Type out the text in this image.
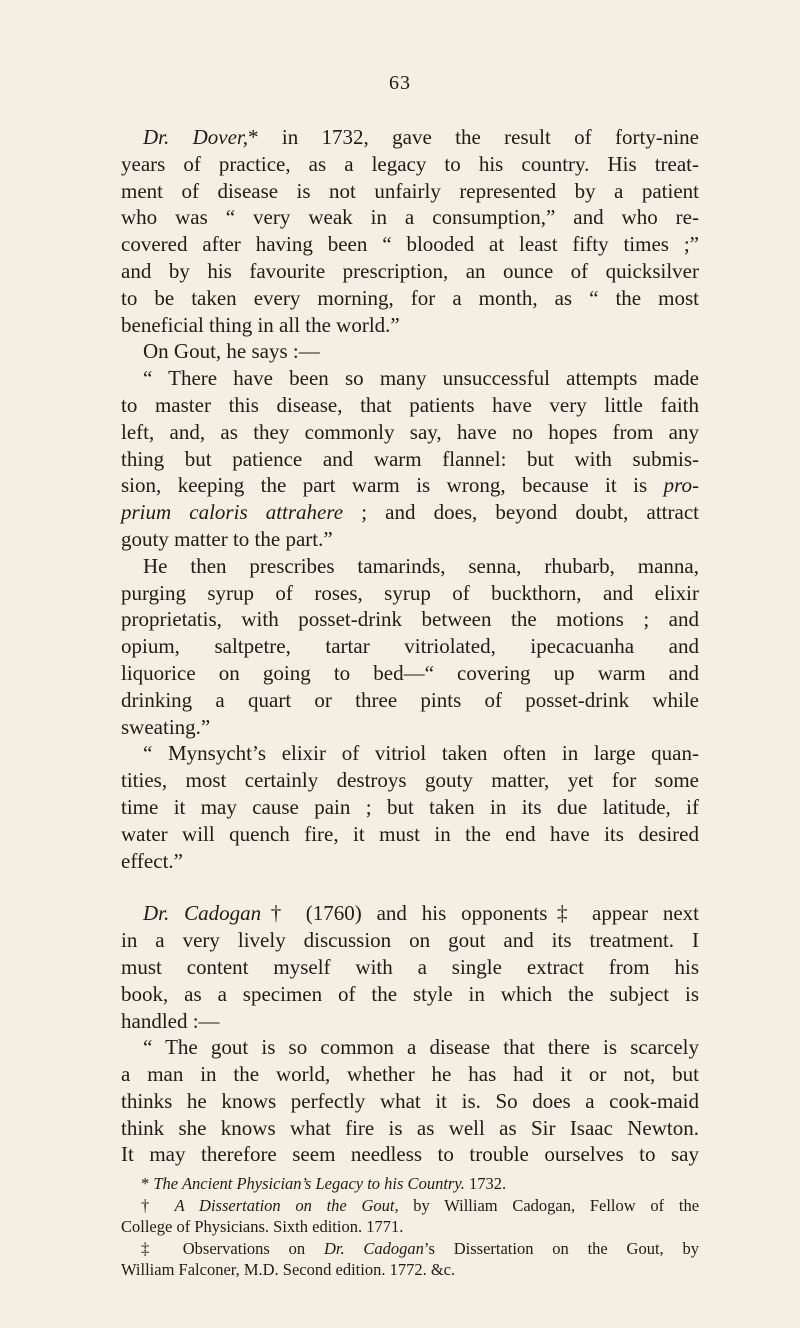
63
Dr. Dover,* in 1732, gave the result of forty-nine
years of practice, as a legacy to his country. His treat-
ment of disease is not unfairly represented by a patient
who was “ very weak in a consumption,” and who re-
covered after having been “ blooded at least fifty times ;”
and by his favourite prescription, an ounce of quicksilver
to be taken every morning, for a month, as “ the most
beneficial thing in all the world.”
On Gout, he says :—
“ There have been so many unsuccessful attempts made
to master this disease, that patients have very little faith
left, and, as they commonly say, have no hopes from any
thing but patience and warm flannel: but with submis-
sion, keeping the part warm is wrong, because it is pro-
prium caloris attrahere ; and does, beyond doubt, attract
gouty matter to the part.”
He then prescribes tamarinds, senna, rhubarb, manna,
purging syrup of roses, syrup of buckthorn, and elixir
proprietatis, with posset-drink between the motions ; and
opium, saltpetre, tartar vitriolated, ipecacuanha and
liquorice on going to bed—“ covering up warm and
drinking a quart or three pints of posset-drink while
sweating.”
“ Mynsycht’s elixir of vitriol taken often in large quan-
tities, most certainly destroys gouty matter, yet for some
time it may cause pain ; but taken in its due latitude, if
water will quench fire, it must in the end have its desired
effect.”
Dr. Cadogan† (1760) and his opponents‡ appear next
in a very lively discussion on gout and its treatment. I
must content myself with a single extract from his
book, as a specimen of the style in which the subject is
handled :—
“ The gout is so common a disease that there is scarcely
a man in the world, whether he has had it or not, but
thinks he knows perfectly what it is. So does a cook-maid
think she knows what fire is as well as Sir Isaac Newton.
It may therefore seem needless to trouble ourselves to say
* The Ancient Physician’s Legacy to his Country. 1732.
† A Dissertation on the Gout, by William Cadogan, Fellow of the
College of Physicians. Sixth edition. 1771.
‡ Observations on Dr. Cadogan’s Dissertation on the Gout, by
William Falconer, M.D. Second edition. 1772. &c.
